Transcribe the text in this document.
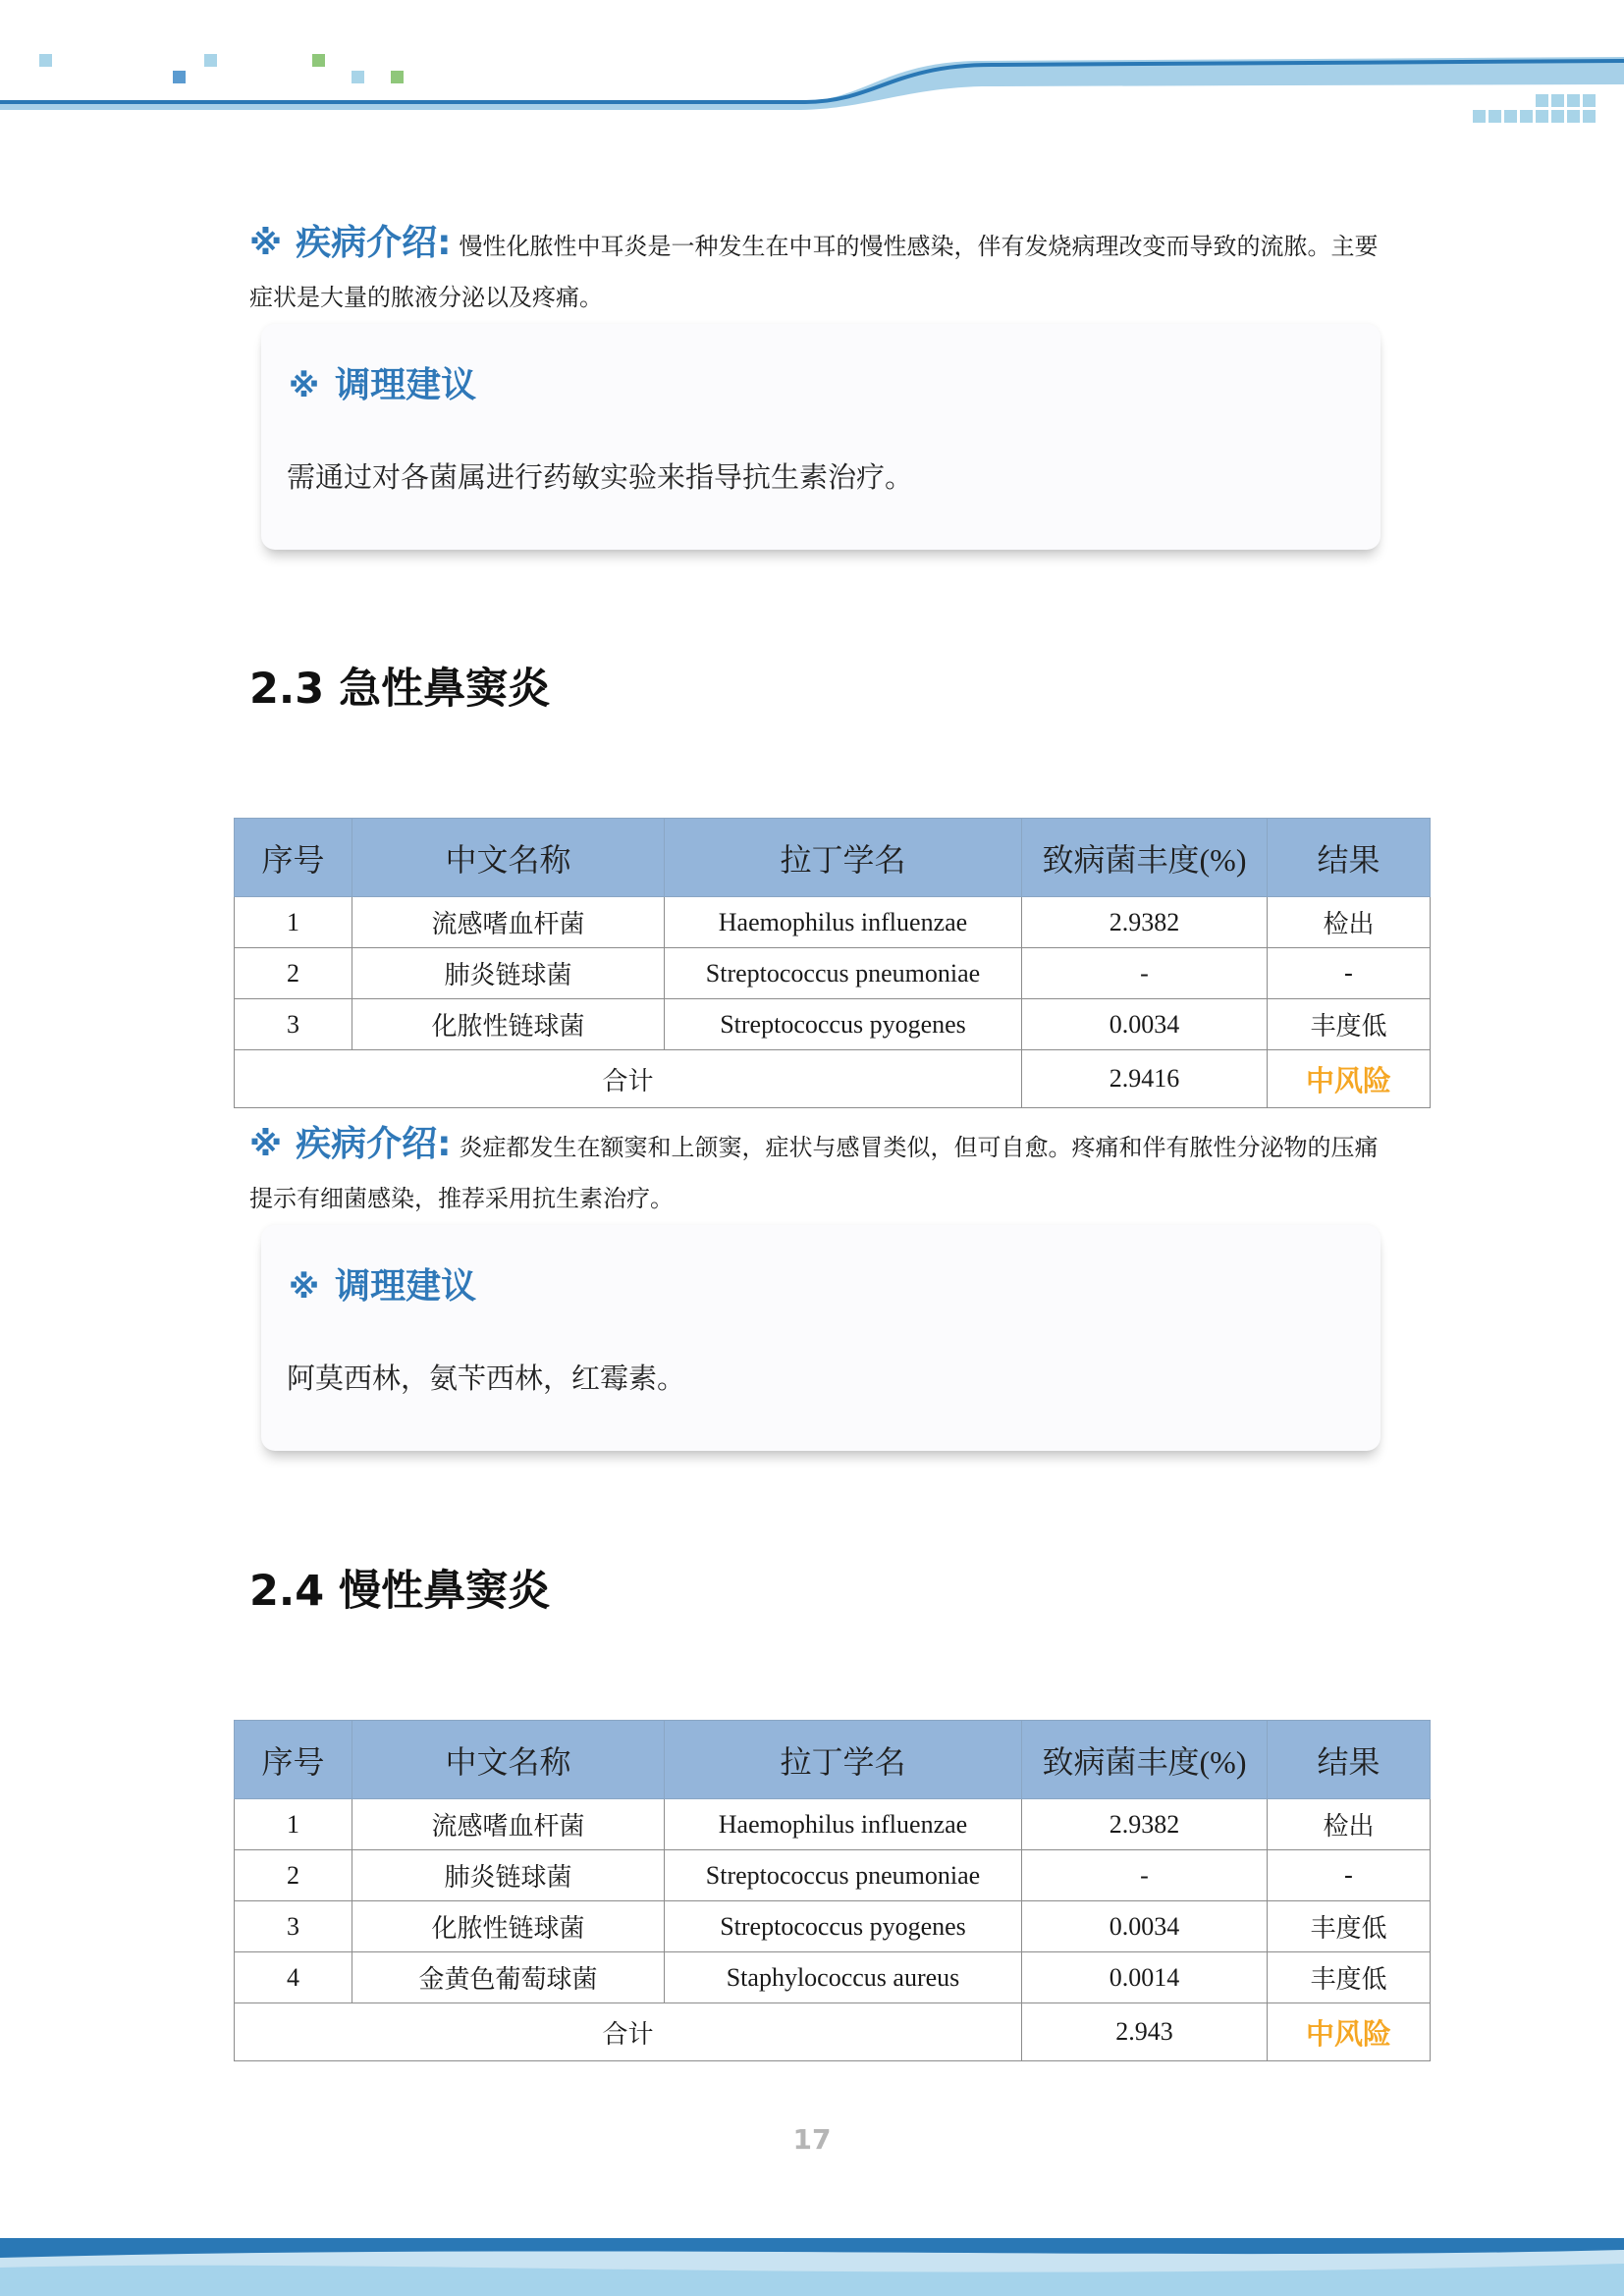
※ 疾病介绍: 慢性化脓性中耳炎是一种发生在中耳的慢性感染，伴有发烧病理改变而导致的流脓。主要症状是大量的脓液分泌以及疼痛。
※ 调理建议
需通过对各菌属进行药敏实验来指导抗生素治疗。
2.3 急性鼻窦炎
序号	中文名称	拉丁学名	致病菌丰度(%)	结果
1	流感嗜血杆菌	Haemophilus influenzae	2.9382	检出
2	肺炎链球菌	Streptococcus pneumoniae	-	-
3	化脓性链球菌	Streptococcus pyogenes	0.0034	丰度低
合计			2.9416	中风险
※ 疾病介绍: 炎症都发生在额窦和上颌窦，症状与感冒类似，但可自愈。疼痛和伴有脓性分泌物的压痛提示有细菌感染，推荐采用抗生素治疗。
※ 调理建议
阿莫西林，氨苄西林，红霉素。
2.4 慢性鼻窦炎
序号	中文名称	拉丁学名	致病菌丰度(%)	结果
1	流感嗜血杆菌	Haemophilus influenzae	2.9382	检出
2	肺炎链球菌	Streptococcus pneumoniae	-	-
3	化脓性链球菌	Streptococcus pyogenes	0.0034	丰度低
4	金黄色葡萄球菌	Staphylococcus aureus	0.0014	丰度低
合计			2.943	中风险
17
